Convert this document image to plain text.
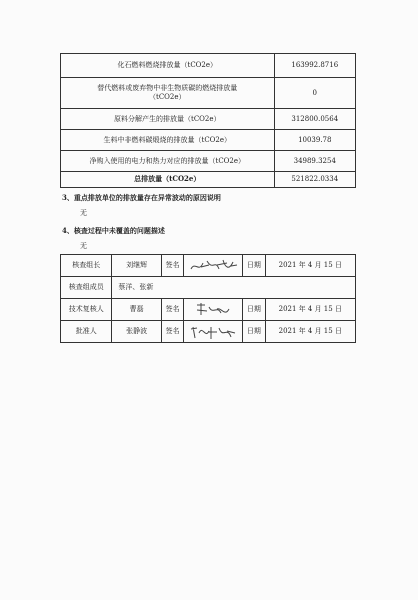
化石燃料燃烧排放量（tCO2e）	163992.8716
替代燃料或废弃物中非生物质碳的燃烧排放量（tCO2e）	0
原料分解产生的排放量（tCO2e）	312800.0564
生料中非燃料碳煅烧的排放量（tCO2e）	10039.78
净购入使用的电力和热力对应的排放量（tCO2e）	34989.3254
总排放量（tCO2e）	521822.0334
3、重点排放单位的排放量存在异常波动的原因说明
无
4、核查过程中未覆盖的问题描述
无
核查组长	刘继辉	签名		日期	2021 年 4 月 15 日
核查组成员	蔡洋、张新				
技术复核人	曹磊	签名		日期	2021 年 4 月 15 日
批准人	张静波	签名		日期	2021 年 4 月 15 日
